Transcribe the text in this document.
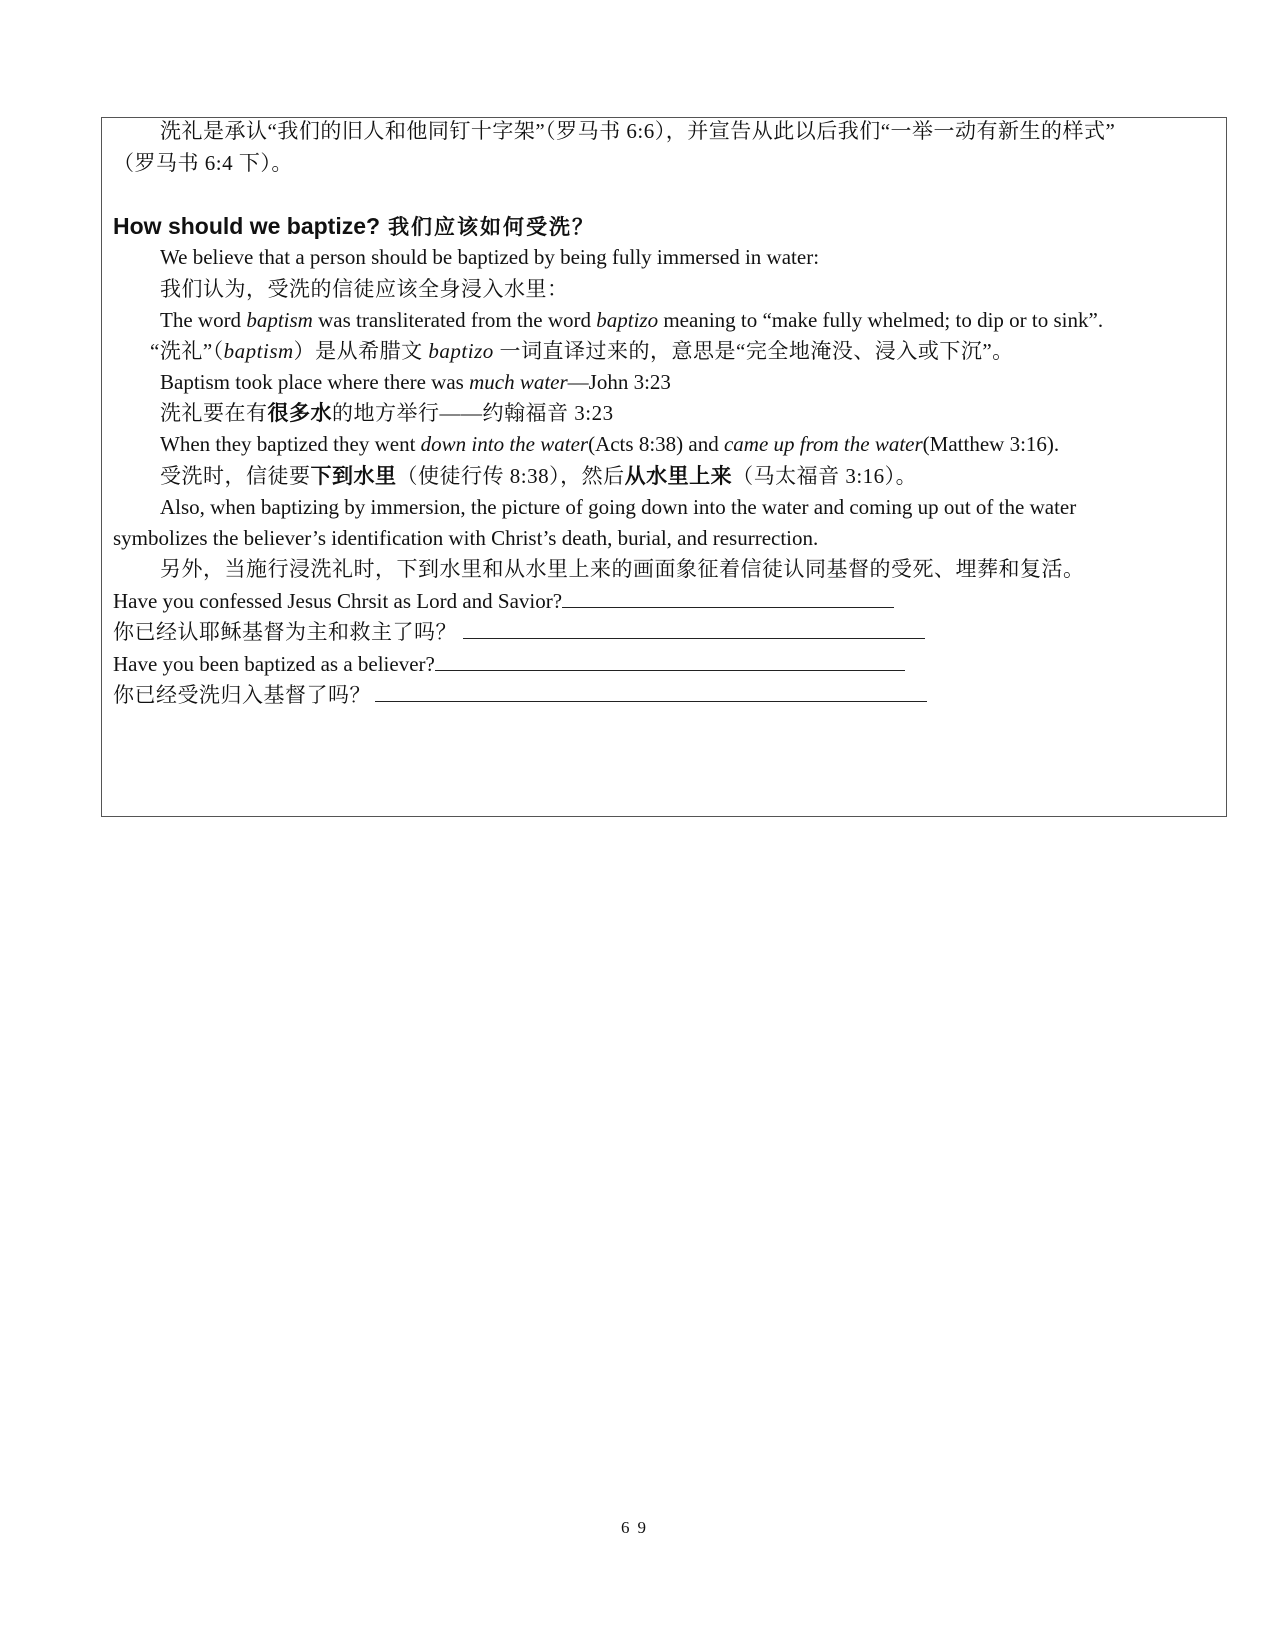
洗礼是承认“我们的旧人和他同钉十字架”（罗马书 6:6），并宣告从此以后我们“一举一动有新生的样式”
（罗马书 6:4 下）。
How should we baptize? 我们应该如何受洗？
We believe that a person should be baptized by being fully immersed in water:
我们认为，受洗的信徒应该全身浸入水里：
The word baptism was transliterated from the word baptizo meaning to “make fully whelmed; to dip or to sink”.
“洗礼”（baptism）是从希腊文 baptizo 一词直译过来的，意思是“完全地淹没、浸入或下沉”。
Baptism took place where there was much water—John 3:23
洗礼要在有很多水的地方举行——约翰福音 3:23
When they baptized they went down into the water(Acts 8:38) and came up from the water(Matthew 3:16).
受洗时，信徒要下到水里（使徒行传 8:38），然后从水里上来（马太福音 3:16）。
Also, when baptizing by immersion, the picture of going down into the water and coming up out of the water
symbolizes the believer’s identification with Christ’s death, burial, and resurrection.
另外，当施行浸洗礼时，下到水里和从水里上来的画面象征着信徒认同基督的受死、埋葬和复活。
Have you confessed Jesus Chrsit as Lord and Savior?
你已经认耶稣基督为主和救主了吗？
Have you been baptized as a believer?
你已经受洗归入基督了吗？
69
